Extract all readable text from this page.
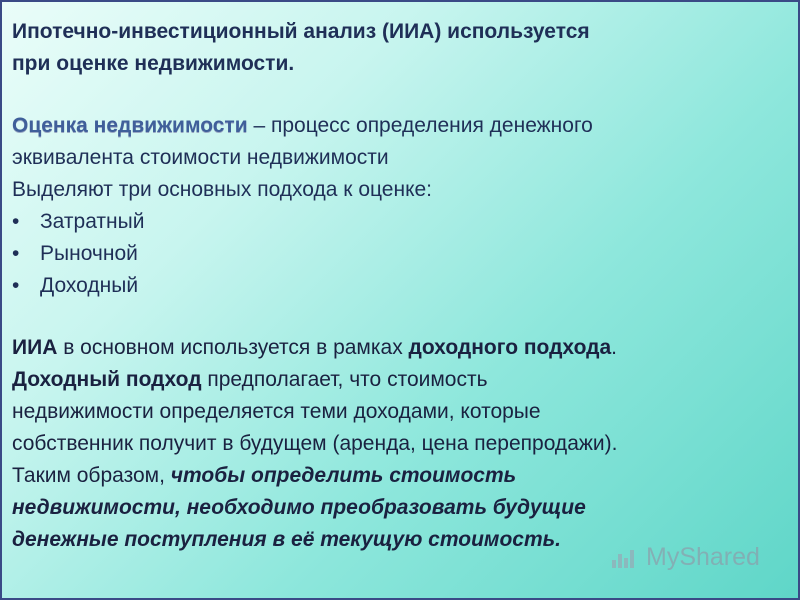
Ипотечно-инвестиционный анализ (ИИА) используется
при оценке недвижимости.
Оценка недвижимости – процесс определения денежного
эквивалента стоимости недвижимости
Выделяют три основных подхода к оценке:
• Затратный
• Рыночной
• Доходный
ИИА в основном используется в рамках доходного подхода.
Доходный подход предполагает, что стоимость
недвижимости определяется теми доходами, которые
собственник получит в будущем (аренда, цена перепродажи).
Таким образом, чтобы определить стоимость
недвижимости, необходимо преобразовать будущие
денежные поступления в её текущую стоимость.
MyShared
